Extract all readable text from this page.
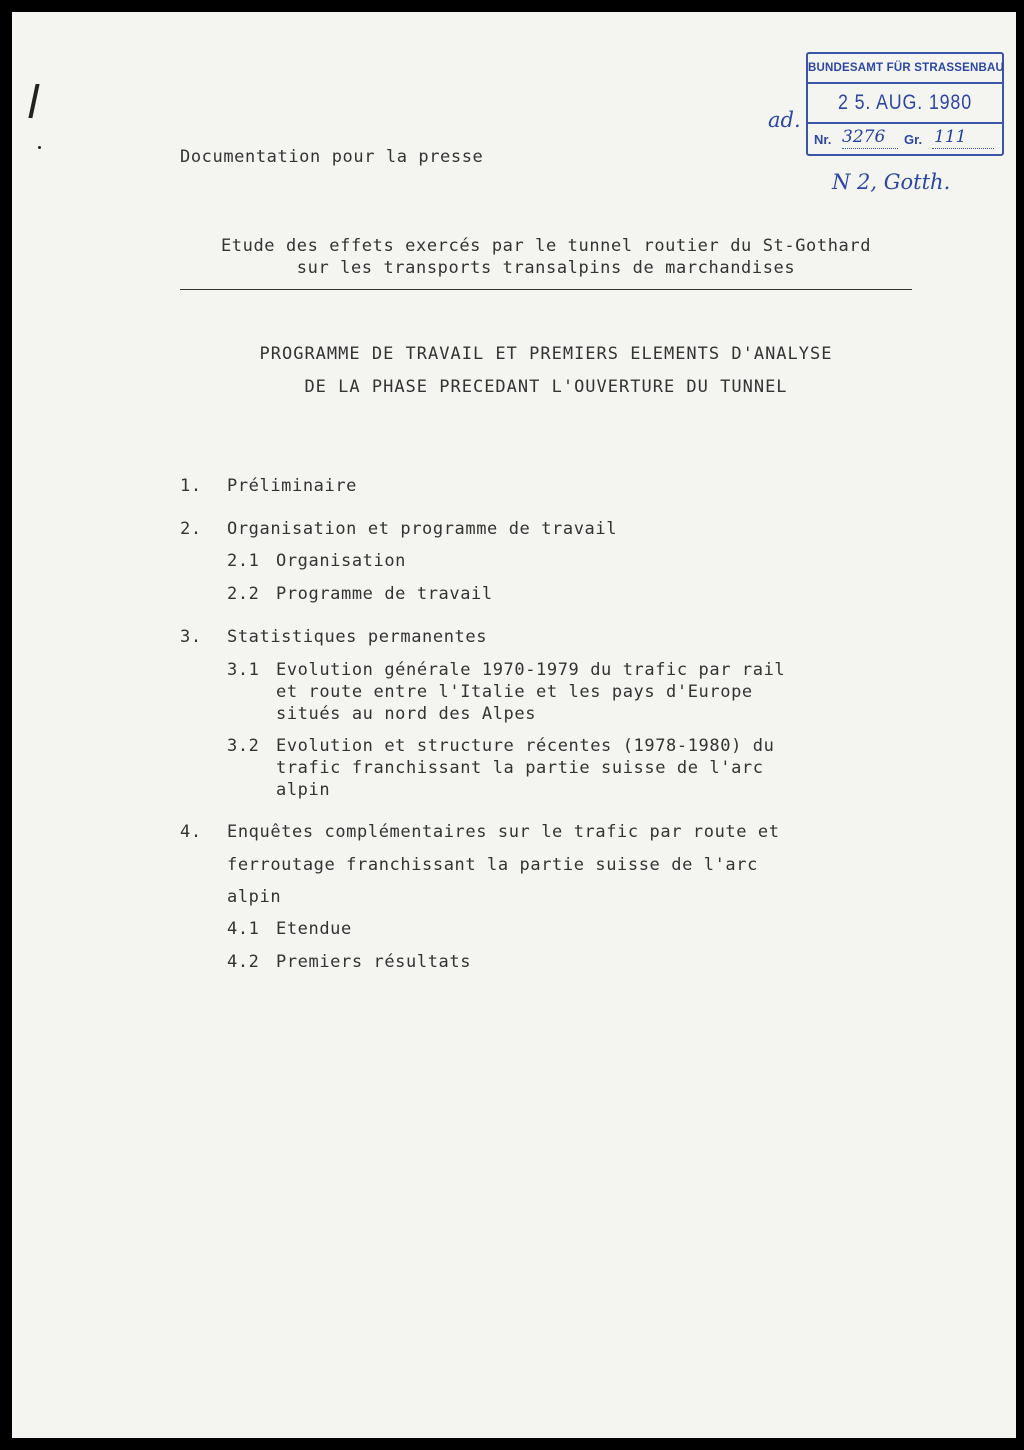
BUNDESAMT FÜR STRASSENBAU
2 5. AUG. 1980
Nr. 3276 Gr. 111
ad.
N 2, Gotth.
Documentation pour la presse
Etude des effets exercés par le tunnel routier du St-Gothard
sur les transports transalpins de marchandises
PROGRAMME DE TRAVAIL ET PREMIERS ELEMENTS D'ANALYSE
DE LA PHASE PRECEDANT L'OUVERTURE DU TUNNEL
1.	Préliminaire
2.	Organisation et programme de travail
2.1 Organisation
2.2 Programme de travail
3.	Statistiques permanentes
3.1 Evolution générale 1970-1979 du trafic par rail
et route entre l'Italie et les pays d'Europe
situés au nord des Alpes
3.2 Evolution et structure récentes (1978-1980) du
trafic franchissant la partie suisse de l'arc
alpin
4.	Enquêtes complémentaires sur le trafic par route et
ferroutage franchissant la partie suisse de l'arc
alpin
4.1 Etendue
4.2 Premiers résultats
